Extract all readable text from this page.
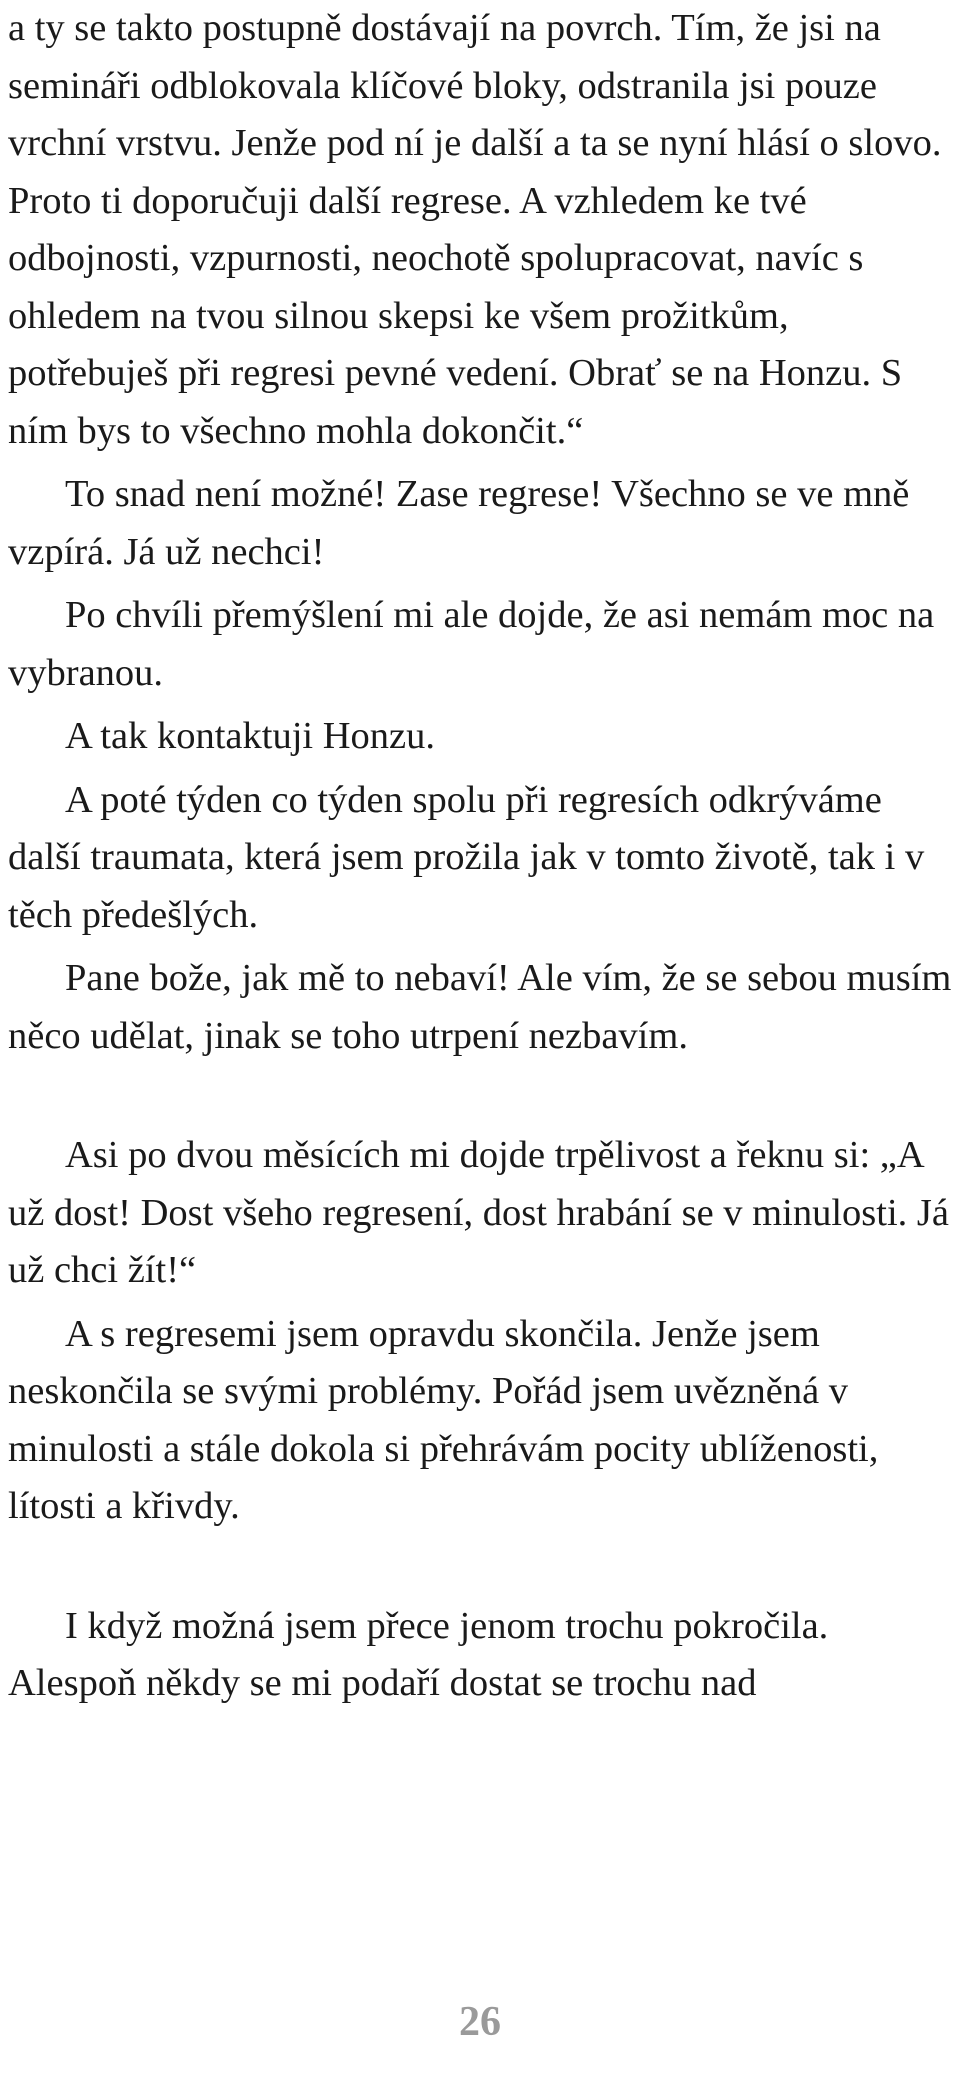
a ty se takto postupně dostávají na povrch. Tím, že jsi na semináři odblokovala klíčové bloky, odstranila jsi pouze vrchní vrstvu. Jenže pod ní je další a ta se nyní hlásí o slovo. Proto ti doporučuji další regrese. A vzhledem ke tvé odbojnosti, vzpurnosti, neochotě spolupracovat, navíc s ohledem na tvou silnou skepsi ke všem prožitkům, potřebuješ při regresi pevné vedení. Obrať se na Honzu. S ním bys to všechno mohla dokončit.“

To snad není možné! Zase regrese! Všechno se ve mně vzpírá. Já už nechci!

Po chvíli přemýšlení mi ale dojde, že asi nemám moc na vybranou.

A tak kontaktuji Honzu.

A poté týden co týden spolu při regresích odkrýváme další traumata, která jsem prožila jak v tomto životě, tak i v těch předešlých.

Pane bože, jak mě to nebaví! Ale vím, že se sebou musím něco udělat, jinak se toho utrpení nezbavím.

Asi po dvou měsících mi dojde trpělivost a řeknu si: „A už dost! Dost všeho regresení, dost hrabání se v minulosti. Já už chci žít!“

A s regresemi jsem opravdu skončila. Jenže jsem neskončila se svými problémy. Pořád jsem uvězněná v minulosti a stále dokola si přehrávám pocity ublíženosti, lítosti a křivdy.

I když možná jsem přece jenom trochu pokročila. Alespoň někdy se mi podaří dostat se trochu nad

26
